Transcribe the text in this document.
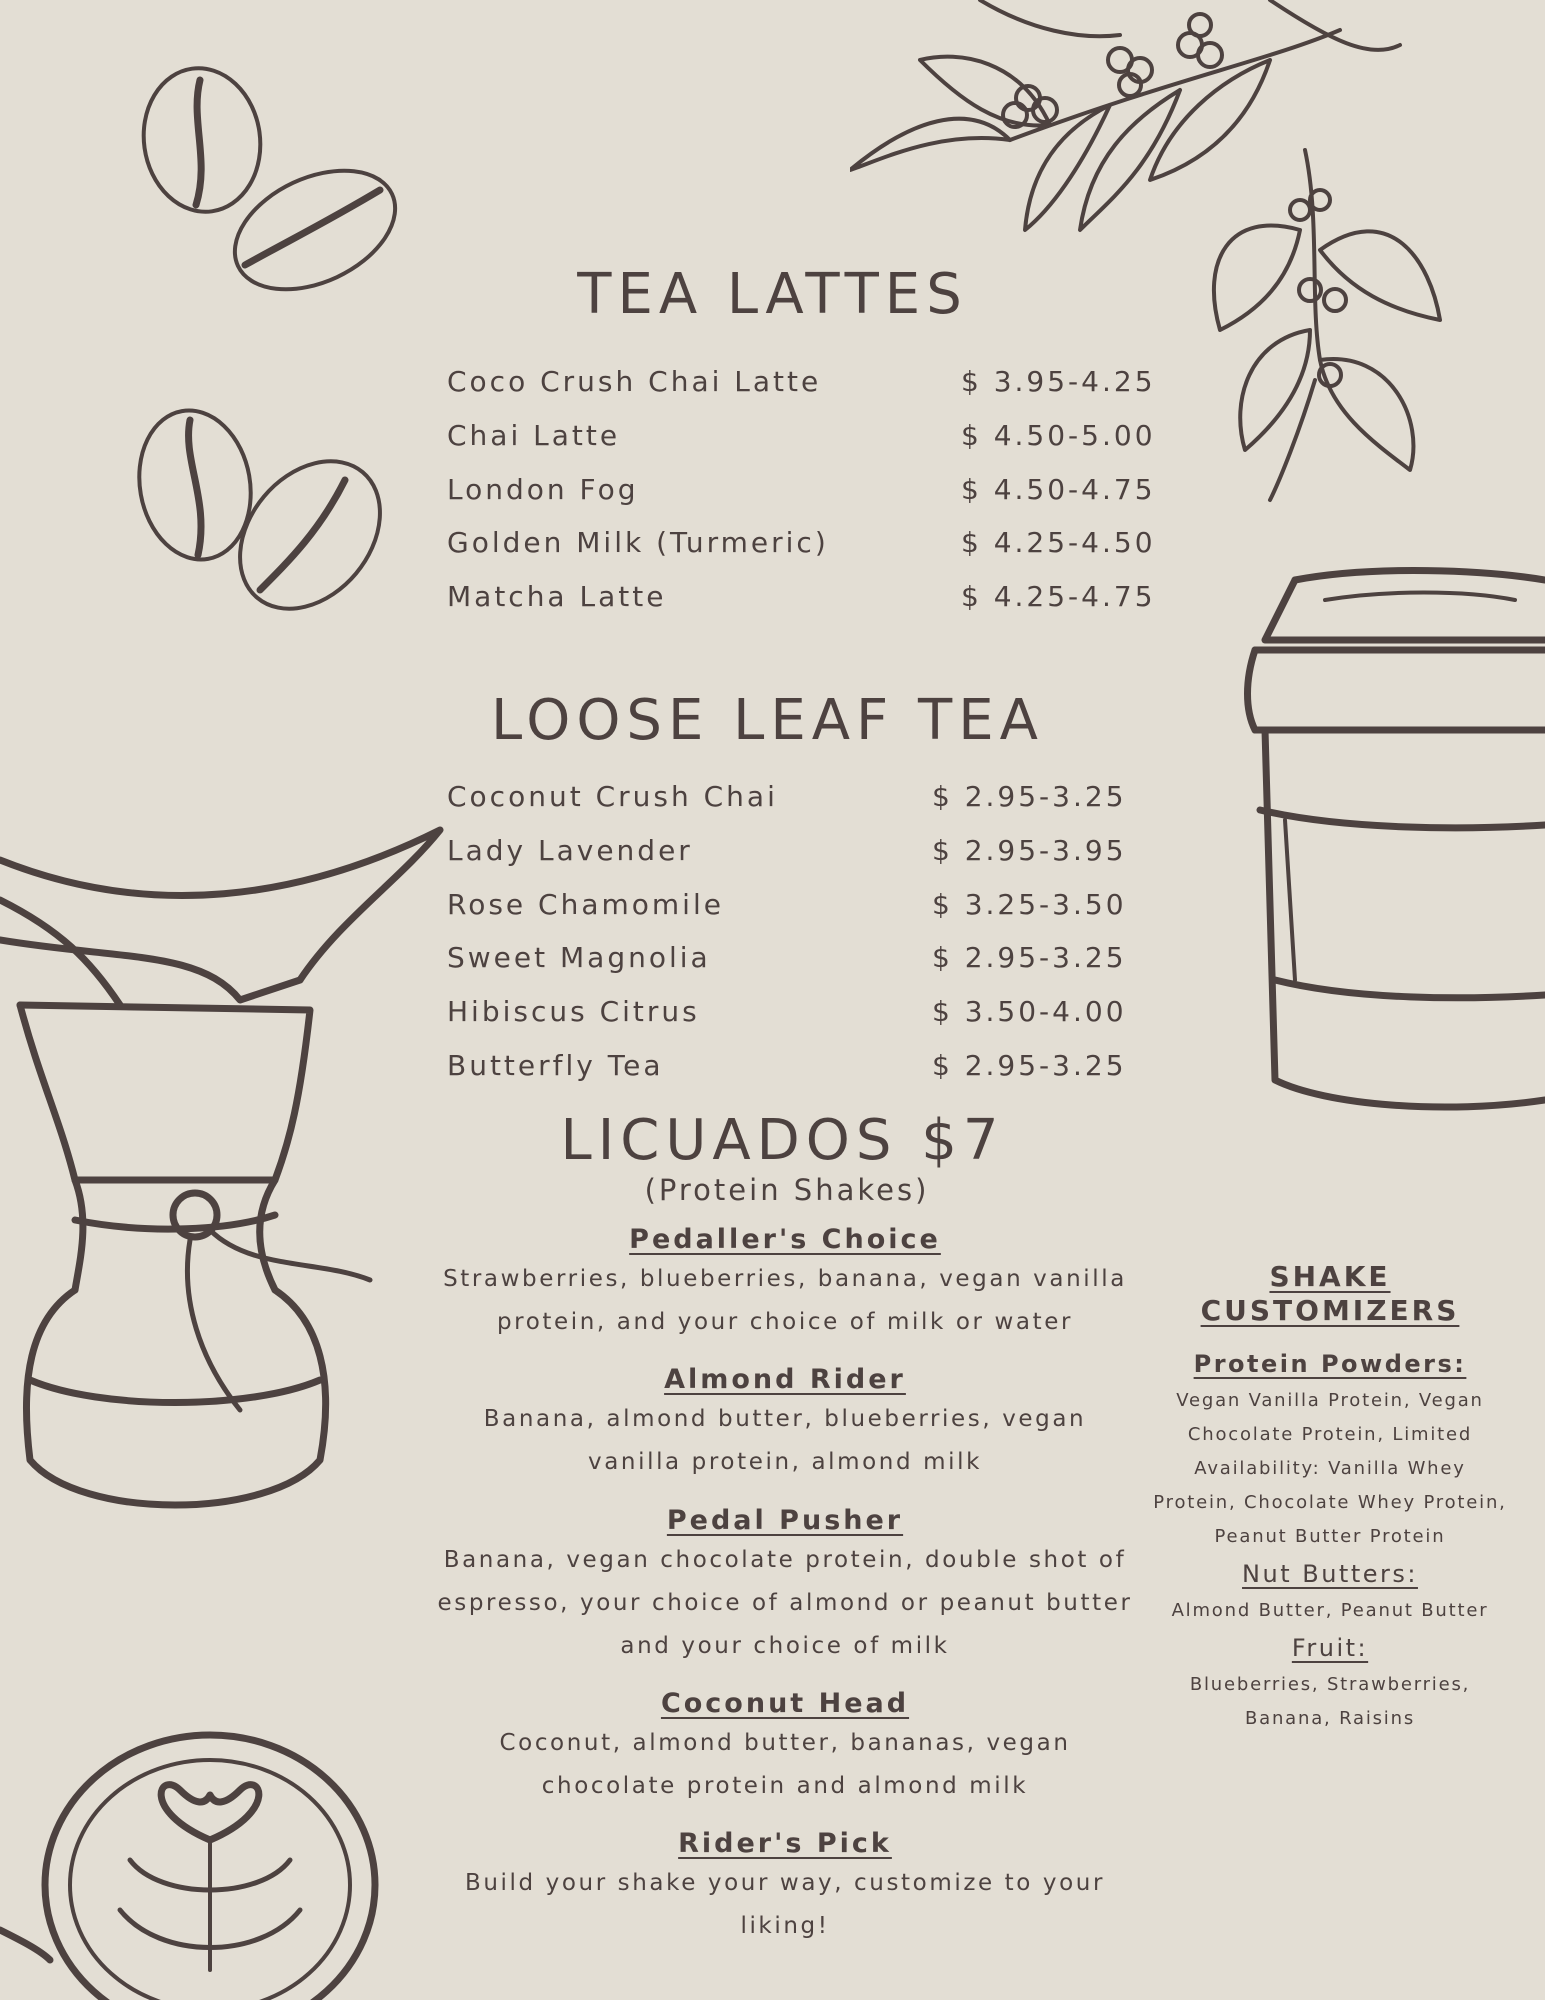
TEA LATTES
Coco Crush Chai Latte	$ 3.95-4.25
Chai Latte	$ 4.50-5.00
London Fog	$ 4.50-4.75
Golden Milk (Turmeric)	$ 4.25-4.50
Matcha Latte	$ 4.25-4.75
LOOSE LEAF TEA
Coconut Crush Chai	$ 2.95-3.25
Lady Lavender	$ 2.95-3.95
Rose Chamomile	$ 3.25-3.50
Sweet Magnolia	$ 2.95-3.25
Hibiscus Citrus	$ 3.50-4.00
Butterfly Tea	$ 2.95-3.25
LICUADOS $7
(Protein Shakes)
Pedaller's Choice
Strawberries, blueberries, banana, vegan vanilla
protein, and your choice of milk or water
Almond Rider
Banana, almond butter, blueberries, vegan
vanilla protein, almond milk
Pedal Pusher
Banana, vegan chocolate protein, double shot of
espresso, your choice of almond or peanut butter
and your choice of milk
Coconut Head
Coconut, almond butter, bananas, vegan
chocolate protein and almond milk
Rider's Pick
Build your shake your way, customize to your
liking!
SHAKE
CUSTOMIZERS
Protein Powders:
Vegan Vanilla Protein, Vegan
Chocolate Protein, Limited
Availability: Vanilla Whey
Protein, Chocolate Whey Protein,
Peanut Butter Protein
Nut Butters:
Almond Butter, Peanut Butter
Fruit:
Blueberries, Strawberries,
Banana, Raisins
